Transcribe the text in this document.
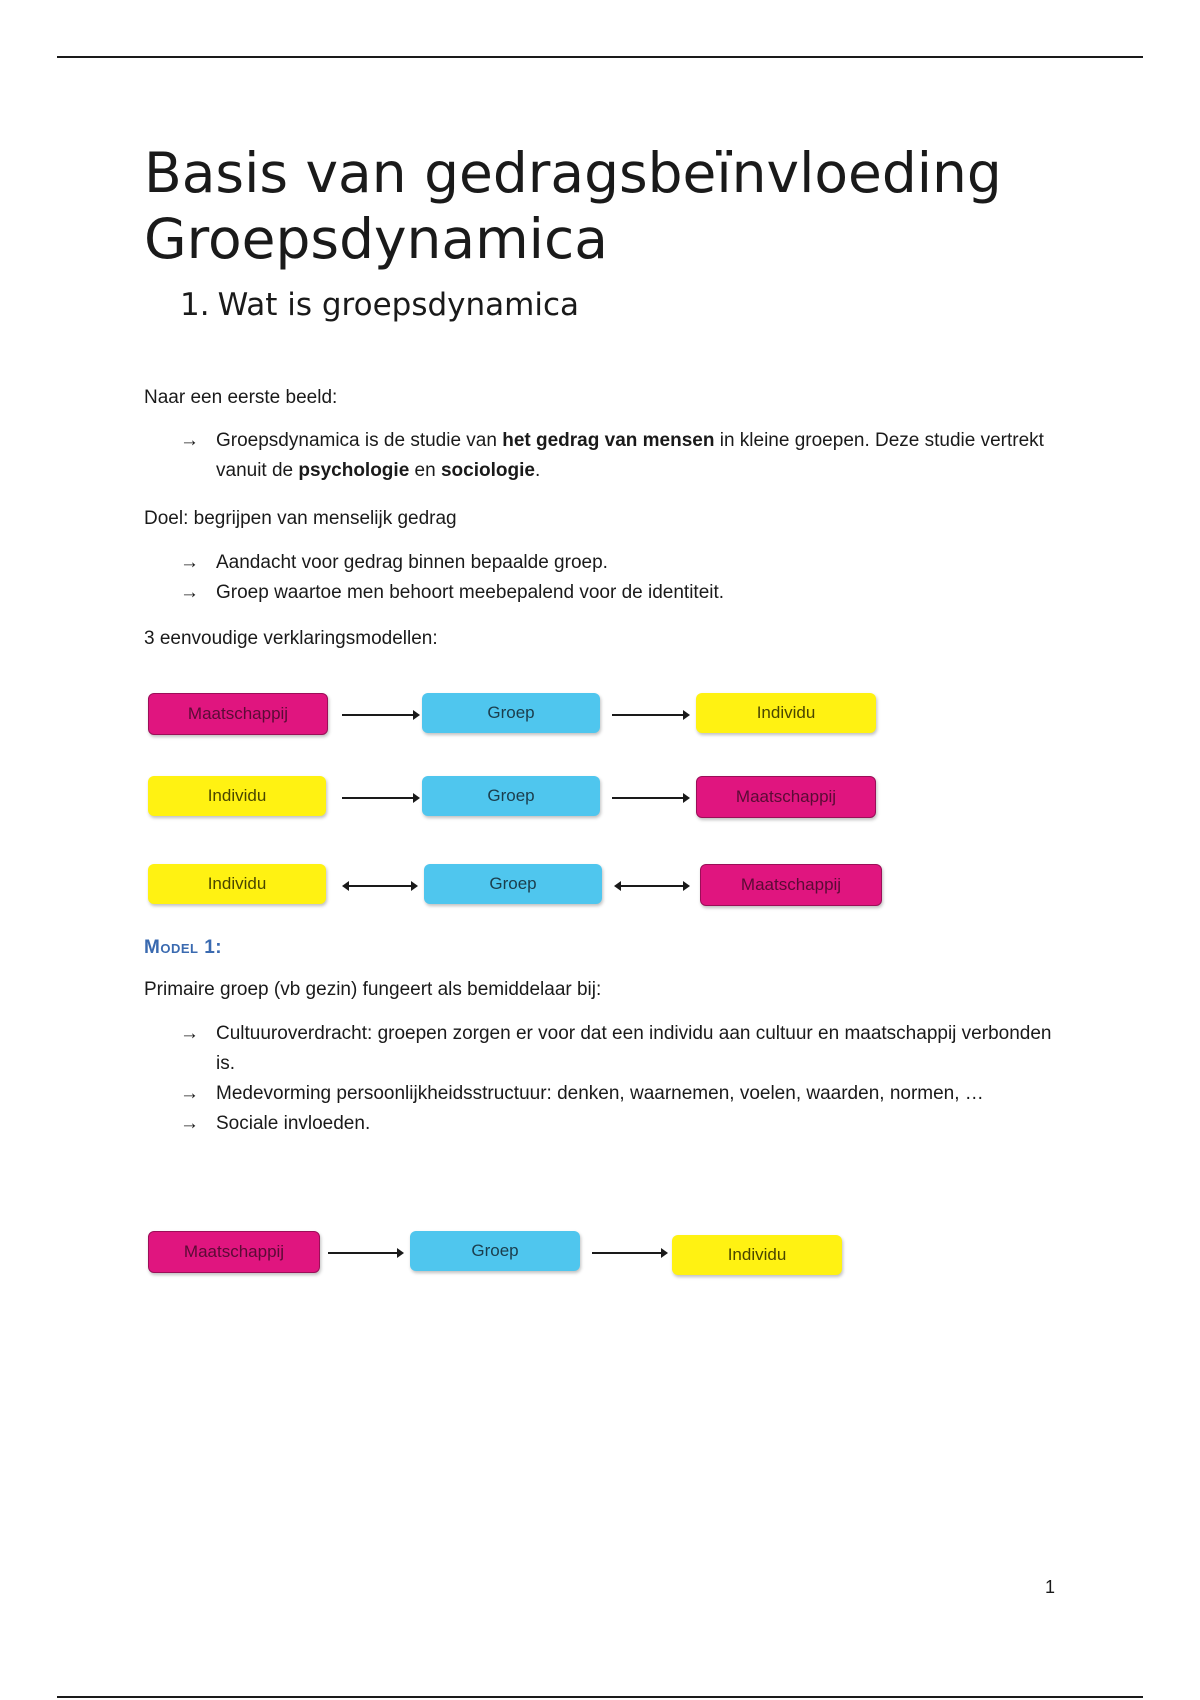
Basis van gedragsbeïnvloeding
Groepsdynamica
1. Wat is groepsdynamica

Naar een eerste beeld:

→ Groepsdynamica is de studie van het gedrag van mensen in kleine groepen. Deze studie vertrekt vanuit de psychologie en sociologie.

Doel: begrijpen van menselijk gedrag

→ Aandacht voor gedrag binnen bepaalde groep.
→ Groep waartoe men behoort meebepalend voor de identiteit.

3 eenvoudige verklaringsmodellen:

Maatschappij	Groep	Individu
Individu	Groep	Maatschappij
Individu	Groep	Maatschappij
Model 1:

Primaire groep (vb gezin) fungeert als bemiddelaar bij:

→ Cultuuroverdracht: groepen zorgen er voor dat een individu aan cultuur en maatschappij verbonden is.
→ Medevorming persoonlijkheidsstructuur: denken, waarnemen, voelen, waarden, normen, …
→ Sociale invloeden.
Maatschappij	Groep	Individu
1
